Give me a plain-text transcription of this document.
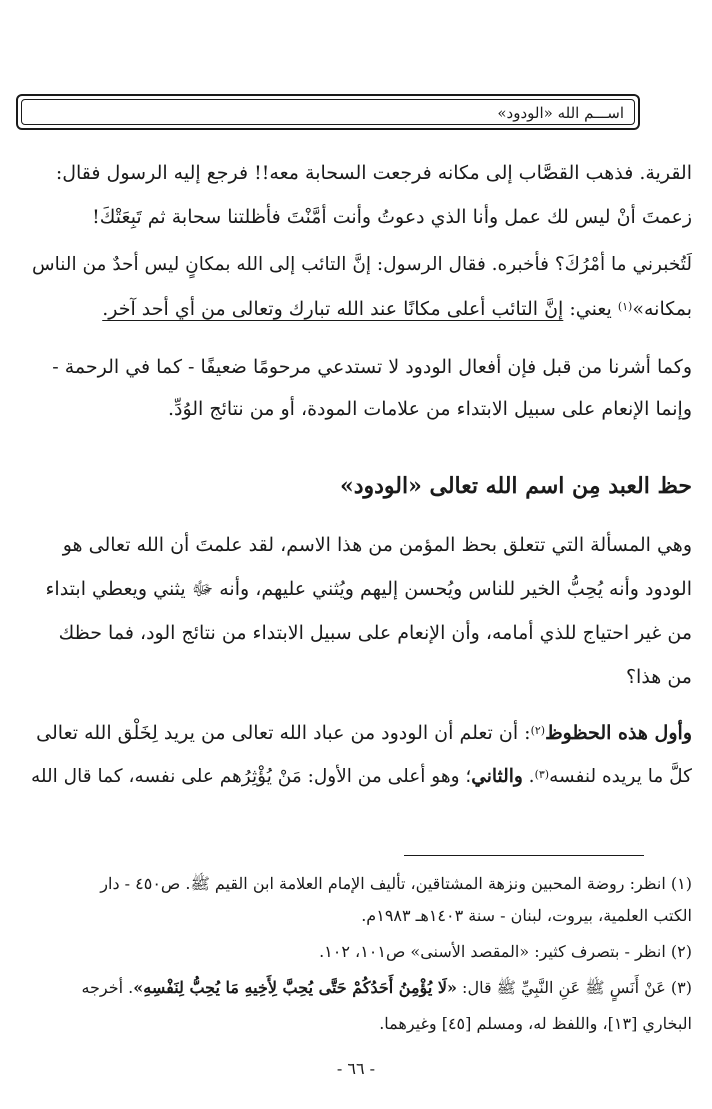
اســـم الله «الودود»
القرية. فذهب القصَّاب إلى مكانه فرجعت السحابة معه!! فرجع إليه الرسول فقال:
زعمتَ أنْ ليس لك عمل وأنا الذي دعوتُ وأنت أمَّنْتَ فأظلتنا سحابة ثم تَبِعَتْكَ!
لَتُخبرني ما أمْرُكَ؟ فأخبره. فقال الرسول: إنَّ التائب إلى الله بمكانٍ ليس أحدٌ من الناس
بمكانه»$^{(١)}$ يعني: إنَّ التائب أعلى مكانًا عند الله تبارك وتعالى من أي أحد آخر.
وكما أشرنا من قبل فإن أفعال الودود لا تستدعي مرحومًا ضعيفًا - كما في الرحمة -
وإنما الإنعام على سبيل الابتداء من علامات المودة، أو من نتائج الوُدِّ.
حظ العبد مِن اسم الله تعالى «الودود»
وهي المسألة التي تتعلق بحظ المؤمن من هذا الاسم، لقد علمتَ أن الله تعالى هو
الودود وأنه يُحِبُّ الخير للناس ويُحسن إليهم ويُثني عليهم، وأنه ﷻ يثني ويعطي ابتداء
من غير احتياج للذي أمامه، وأن الإنعام على سبيل الابتداء من نتائج الود، فما حظك
من هذا؟
وأول هذه الحظوظ$^{(٢)}$: أن تعلم أن الودود من عباد الله تعالى من يريد لِخَلْق الله تعالى
كلَّ ما يريده لنفسه$^{(٣)}$. والثاني؛ وهو أعلى من الأول: مَنْ يُؤْثِرُهم على نفسه، كما قال الله
(١) انظر: روضة المحبين ونزهة المشتاقين، تأليف الإمام العلامة ابن القيم ﷺ. ص٤٥٠ - دار
الكتب العلمية، بيروت، لبنان - سنة ١٤٠٣هـ ١٩٨٣م.
(٢) انظر - بتصرف كثير: «المقصد الأسنى» ص١٠١، ١٠٢.
(٣) عَنْ أَنَسٍ ﷺ عَنِ النَّبِيِّ ﷺ قال: «لَا يُؤْمِنُ أَحَدُكُمْ حَتَّى يُحِبَّ لِأَخِيهِ مَا يُحِبُّ لِنَفْسِهِ». أخرجه
البخاري [١٣]، واللفظ له، ومسلم [٤٥] وغيرهما.
- ٦٦ -
